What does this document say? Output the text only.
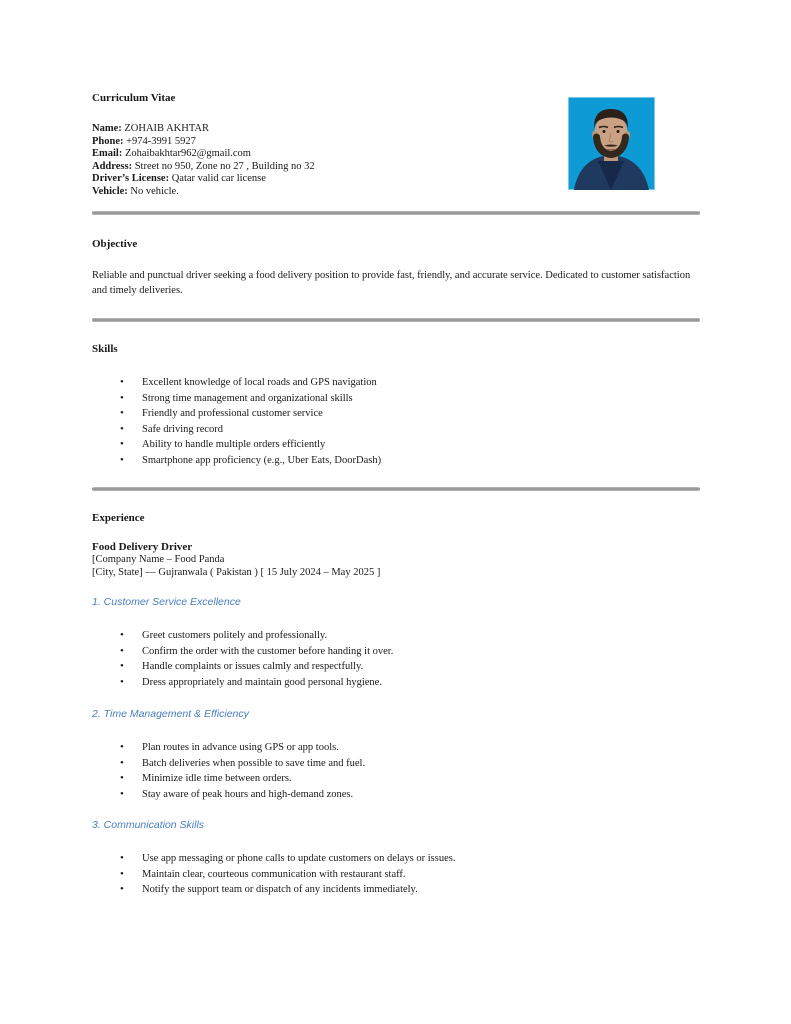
Curriculum Vitae
Name: ZOHAIB AKHTAR
Phone: +974-3991 5927
Email: Zohaibakhtar962@gmail.com
Address: Street no 950, Zone no 27 , Building no 32
Driver’s License: Qatar valid car license
Vehicle: No vehicle.
Objective
Reliable and punctual driver seeking a food delivery position to provide fast, friendly, and accurate service. Dedicated to customer satisfaction and timely deliveries.
Skills
•	Excellent knowledge of local roads and GPS navigation
•	Strong time management and organizational skills
•	Friendly and professional customer service
•	Safe driving record
•	Ability to handle multiple orders efficiently
•	Smartphone app proficiency (e.g., Uber Eats, DoorDash)
Experience
Food Delivery Driver
[Company Name – Food Panda
[City, State] — Gujranwala ( Pakistan ) [ 15 July 2024 – May 2025 ]
1. Customer Service Excellence
•	Greet customers politely and professionally.
•	Confirm the order with the customer before handing it over.
•	Handle complaints or issues calmly and respectfully.
•	Dress appropriately and maintain good personal hygiene.
2. Time Management & Efficiency
•	Plan routes in advance using GPS or app tools.
•	Batch deliveries when possible to save time and fuel.
•	Minimize idle time between orders.
•	Stay aware of peak hours and high-demand zones.
3. Communication Skills
•	Use app messaging or phone calls to update customers on delays or issues.
•	Maintain clear, courteous communication with restaurant staff.
•	Notify the support team or dispatch of any incidents immediately.
